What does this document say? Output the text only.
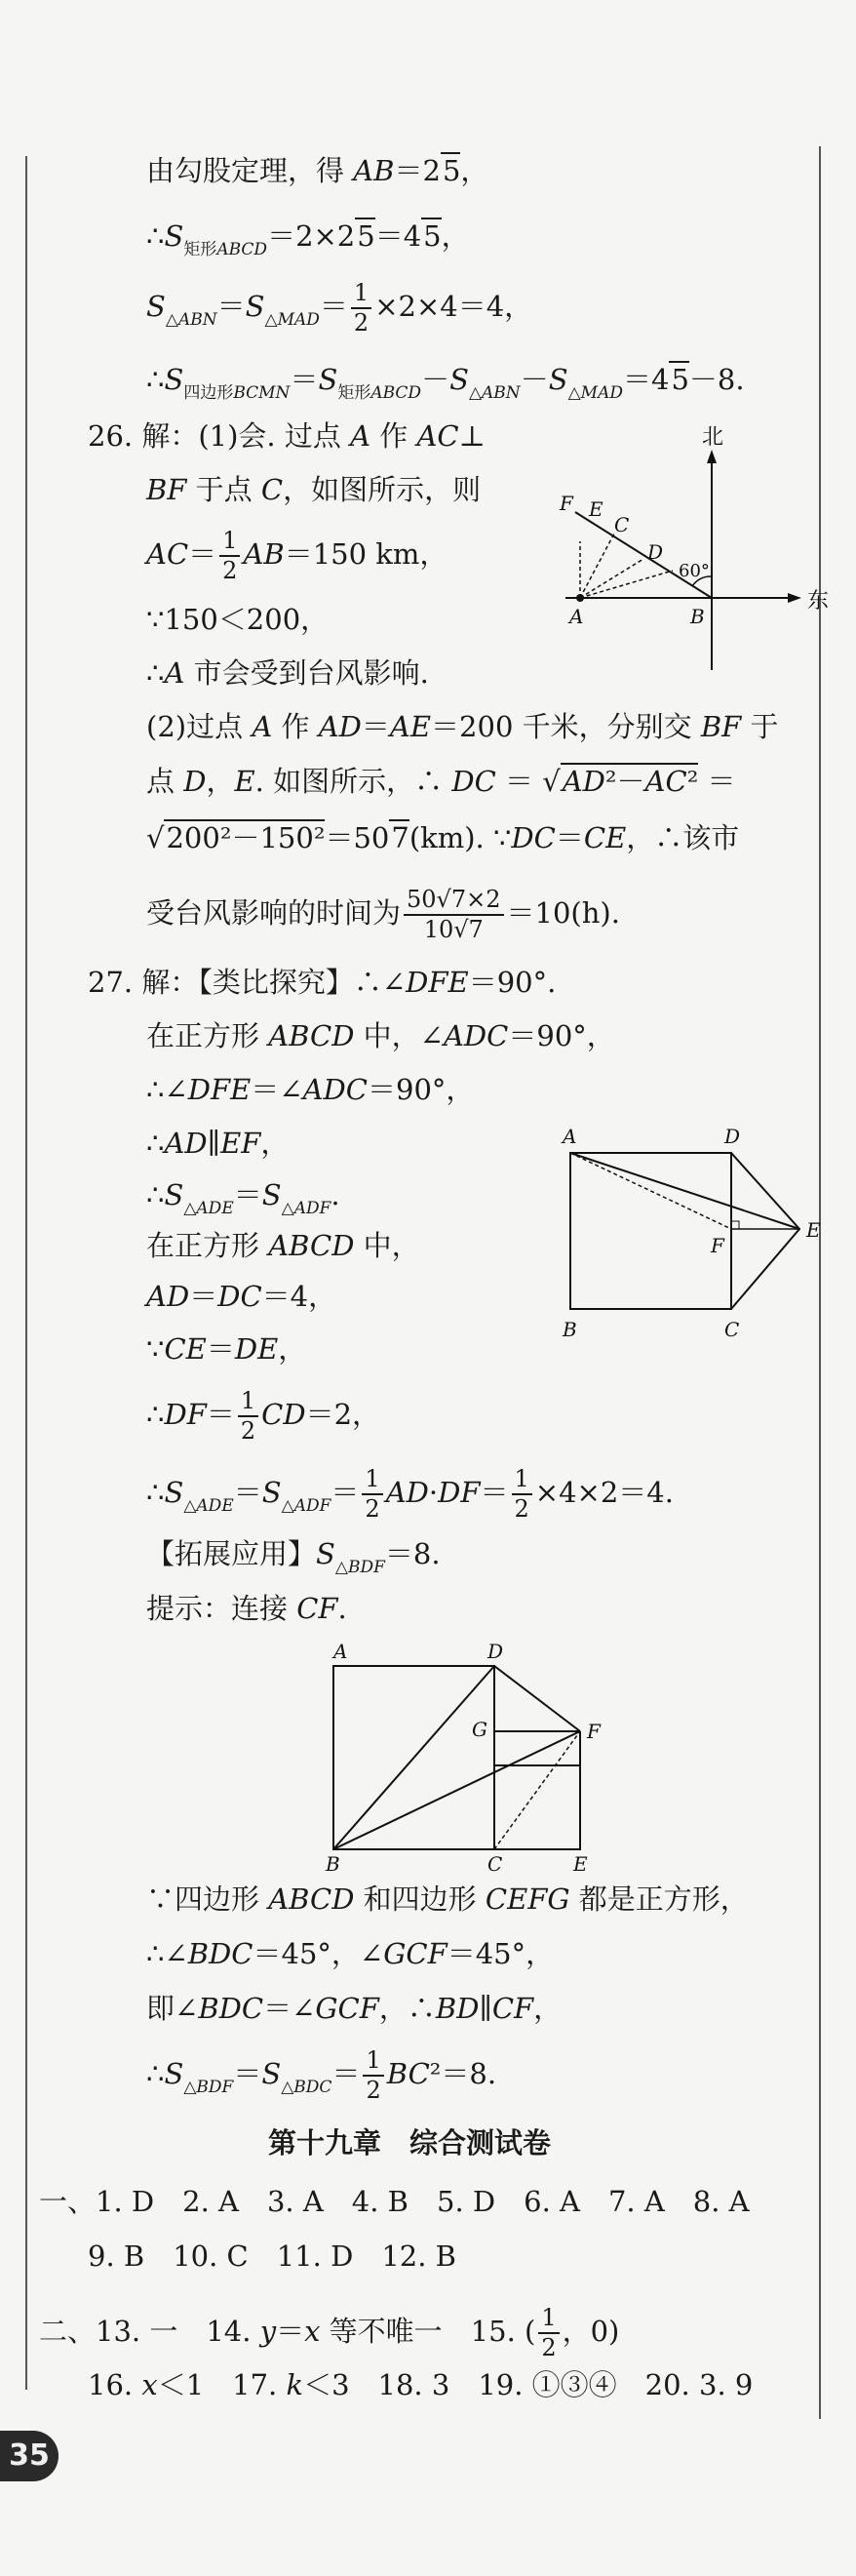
由勾股定理，得 AB＝25，
$\therefore S_{矩形ABCD}=2\times 25=45$，
$S_{\triangle ABN}=S_{\triangle MAD}= \frac{1}{2} \times 2\times 4=4$，
$\therefore S_{四边形BCMN}=S_{矩形ABCD}-S_{\triangle ABN}-S_{\triangle MAD}=45-8$.
26. 解：(1)会. 过点 A 作 AC⊥
BF 于点 C，如图所示，则
$AC= \frac{1}{2} AB=150$ km，
∵150＜200，
∴A 市会受到台风影响.
(2)过点 A 作 AD＝AE＝200 千米，分别交 BF 于
点 D，E. 如图所示，∴ DC ＝ √AD²－AC² ＝
√200²－150²＝507(km). ∵DC＝CE，∴该市
受台风影响的时间为 $\frac{50√7\times 2}{10√7} =10(h)$.
北
东
60°
F E
C
D
A	B
27. 解：【类比探究】∴∠DFE＝90°.
在正方形 ABCD 中，∠ADC＝90°，
∴∠DFE＝∠ADC＝90°，
∴AD∥EF，
$\therefore S_{\triangle ADE}=S_{\triangle ADF}$.
在正方形 ABCD 中，
AD＝DC＝4，
∵CE＝DE，
∴DF＝ $\frac{1}{2} CD=2$，
$\therefore S_{\triangle ADE}=S_{\triangle ADF}= \frac{1}{2} AD\cdot DF= \frac{1}{2} \times 4\times 2=4$.
【拓展应用】$S_{\triangle BDF}=8$.
提示：连接 CF.
A	D
F
E
B	C
A	D
G	F
B	C	E
∵四边形 ABCD 和四边形 CEFG 都是正方形，
∴∠BDC＝45°，∠GCF＝45°，
即∠BDC＝∠GCF，∴BD∥CF，
$\therefore S_{\triangle BDF}=S_{\triangle BDC}= \frac{1}{2} BC^2=8$.
第十九章　综合测试卷
一、1. D　2. A　3. A　4. B　5. D　6. A　7. A　8. A
9. B　10. C　11. D　12. B
二、13. 一　14. y＝x 等不唯一　15. ( $\frac{1}{2}$ ，0)
16. x＜1　17. k＜3　18. 3　19. ①③④　20. 3. 9
35
